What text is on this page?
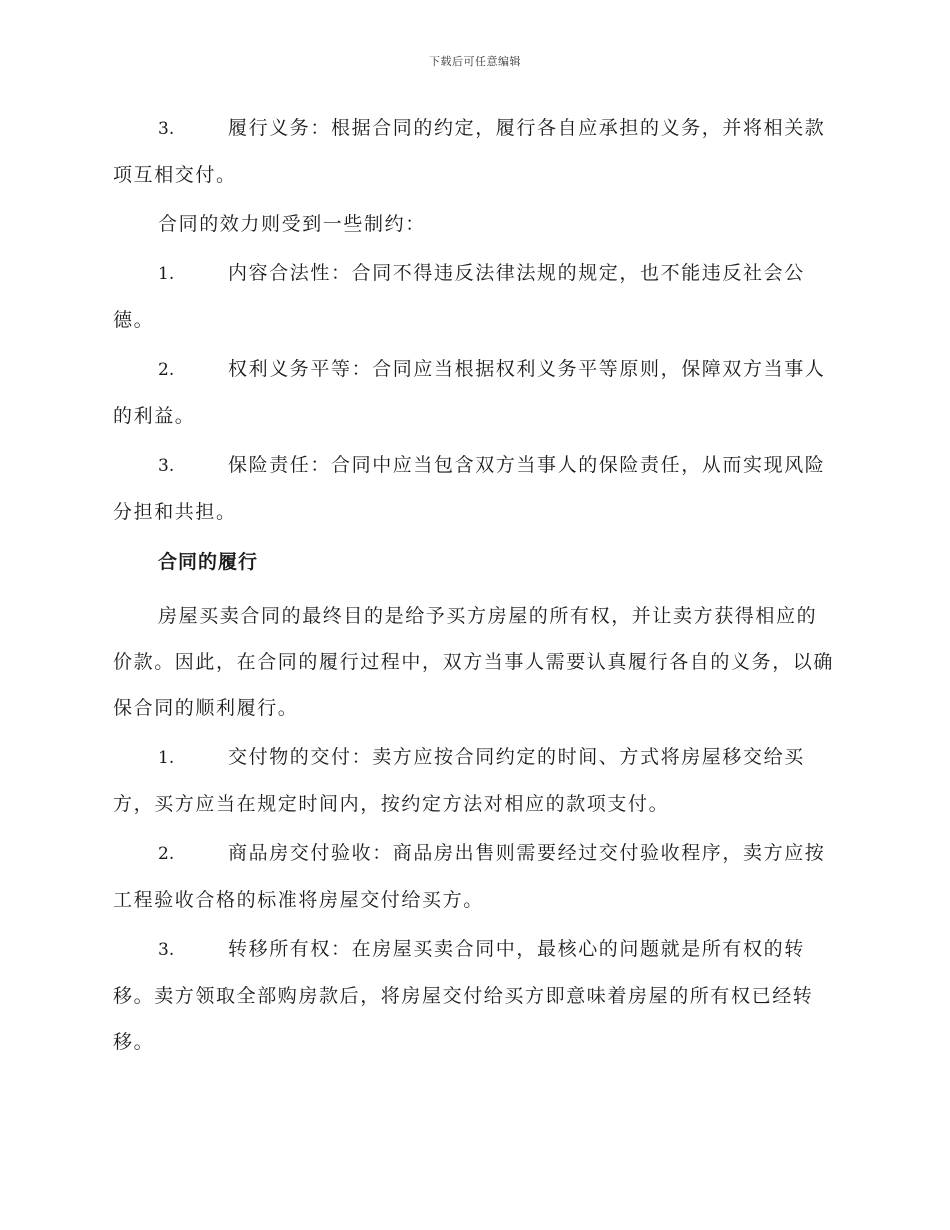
下载后可任意编辑

3.	履行义务：根据合同的约定，履行各自应承担的义务，并将相关款项互相交付。

合同的效力则受到一些制约：

1.	内容合法性：合同不得违反法律法规的规定，也不能违反社会公德。

2.	权利义务平等：合同应当根据权利义务平等原则，保障双方当事人的利益。

3.	保险责任：合同中应当包含双方当事人的保险责任，从而实现风险分担和共担。

合同的履行

房屋买卖合同的最终目的是给予买方房屋的所有权，并让卖方获得相应的价款。因此，在合同的履行过程中，双方当事人需要认真履行各自的义务，以确保合同的顺利履行。

1.	交付物的交付：卖方应按合同约定的时间、方式将房屋移交给买方，买方应当在规定时间内，按约定方法对相应的款项支付。

2.	商品房交付验收：商品房出售则需要经过交付验收程序，卖方应按工程验收合格的标准将房屋交付给买方。

3.	转移所有权：在房屋买卖合同中，最核心的问题就是所有权的转移。卖方领取全部购房款后，将房屋交付给买方即意味着房屋的所有权已经转移。
